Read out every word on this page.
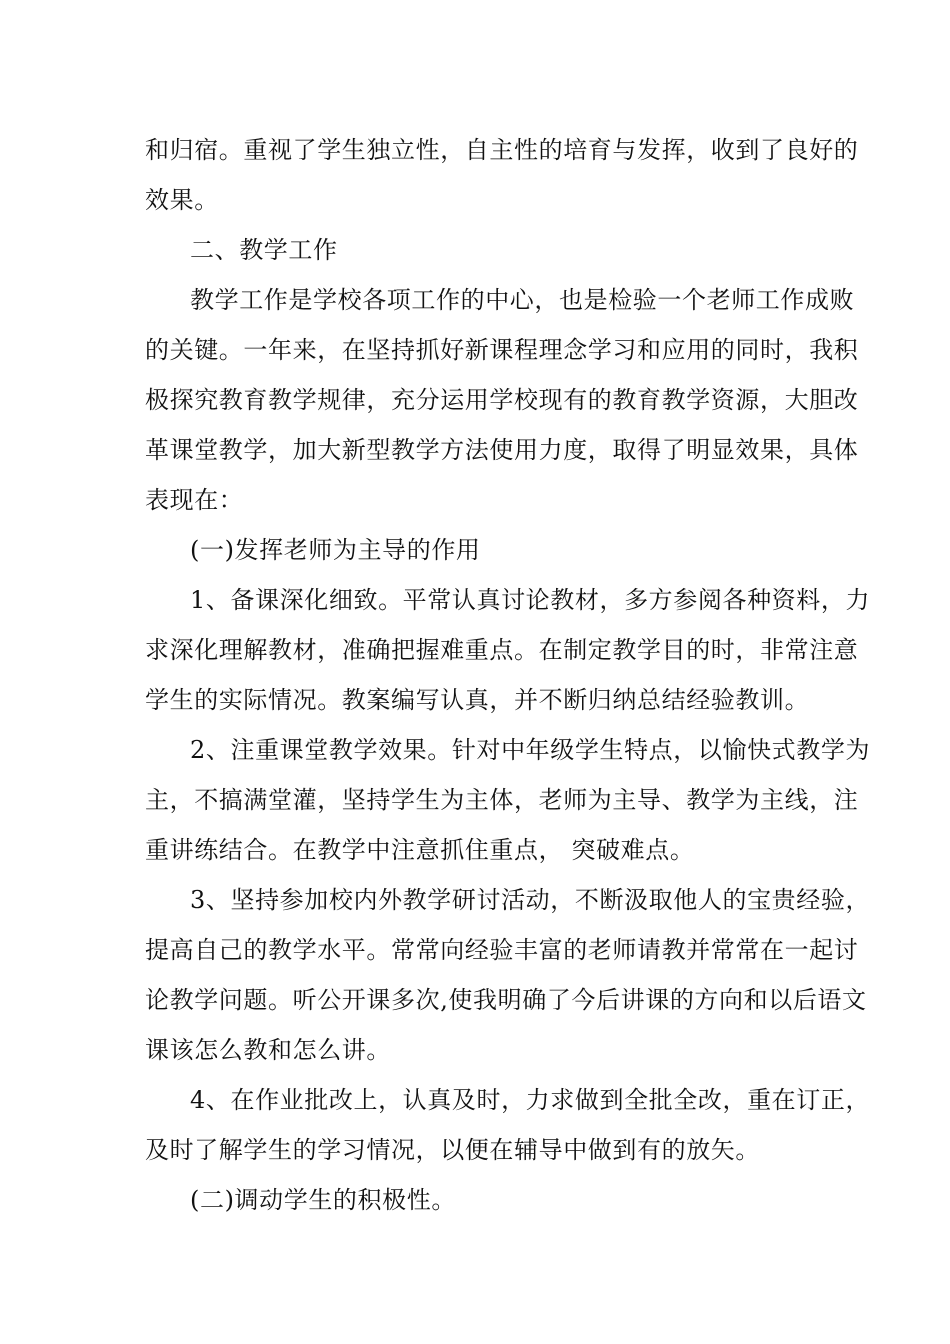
和归宿。重视了学生独立性，自主性的培育与发挥，收到了良好的
效果。
二、教学工作
教学工作是学校各项工作的中心，也是检验一个老师工作成败
的关键。一年来，在坚持抓好新课程理念学习和应用的同时，我积
极探究教育教学规律，充分运用学校现有的教育教学资源，大胆改
革课堂教学，加大新型教学方法使用力度，取得了明显效果，具体
表现在：
(一)发挥老师为主导的作用
1、备课深化细致。平常认真讨论教材，多方参阅各种资料，力
求深化理解教材，准确把握难重点。在制定教学目的时，非常注意
学生的实际情况。教案编写认真，并不断归纳总结经验教训。
2、注重课堂教学效果。针对中年级学生特点，以愉快式教学为
主，不搞满堂灌，坚持学生为主体，老师为主导、教学为主线，注
重讲练结合。在教学中注意抓住重点， 突破难点。
3、坚持参加校内外教学研讨活动，不断汲取他人的宝贵经验，
提高自己的教学水平。常常向经验丰富的老师请教并常常在一起讨
论教学问题。听公开课多次,使我明确了今后讲课的方向和以后语文
课该怎么教和怎么讲。
4、在作业批改上，认真及时，力求做到全批全改，重在订正，
及时了解学生的学习情况，以便在辅导中做到有的放矢。
(二)调动学生的积极性。
